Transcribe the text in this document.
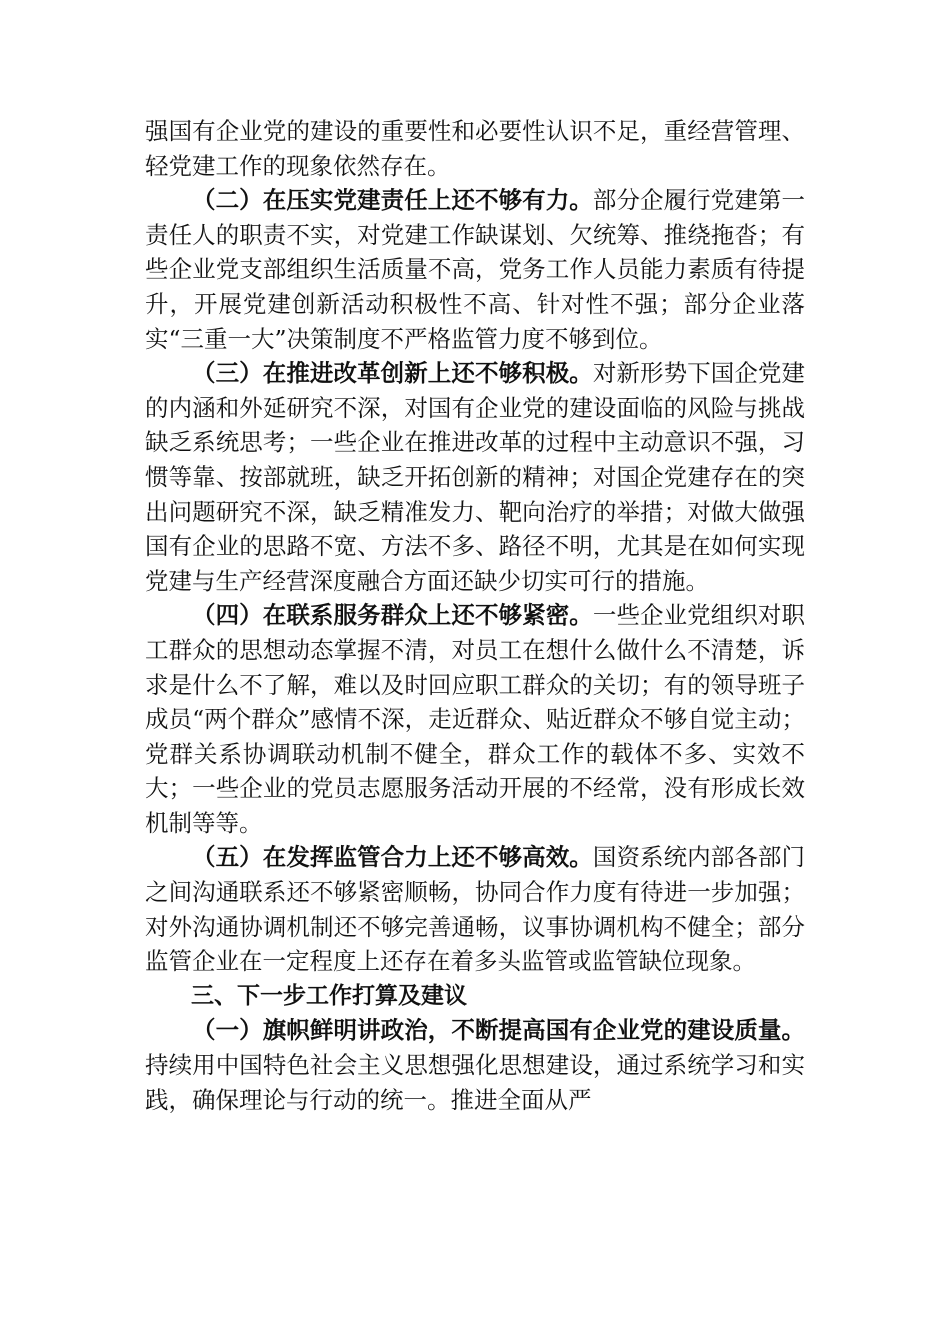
强国有企业党的建设的重要性和必要性认识不足，重经营管理、轻党建工作的现象依然存在。

（二）在压实党建责任上还不够有力。部分企履行党建第一责任人的职责不实，对党建工作缺谋划、欠统筹、推绕拖沓；有些企业党支部组织生活质量不高，党务工作人员能力素质有待提升，开展党建创新活动积极性不高、针对性不强；部分企业落实“三重一大”决策制度不严格监管力度不够到位。

（三）在推进改革创新上还不够积极。对新形势下国企党建的内涵和外延研究不深，对国有企业党的建设面临的风险与挑战缺乏系统思考；一些企业在推进改革的过程中主动意识不强，习惯等靠、按部就班，缺乏开拓创新的精神；对国企党建存在的突出问题研究不深，缺乏精准发力、靶向治疗的举措；对做大做强国有企业的思路不宽、方法不多、路径不明，尤其是在如何实现党建与生产经营深度融合方面还缺少切实可行的措施。

（四）在联系服务群众上还不够紧密。一些企业党组织对职工群众的思想动态掌握不清，对员工在想什么做什么不清楚，诉求是什么不了解，难以及时回应职工群众的关切；有的领导班子成员“两个群众”感情不深，走近群众、贴近群众不够自觉主动；党群关系协调联动机制不健全，群众工作的载体不多、实效不大；一些企业的党员志愿服务活动开展的不经常，没有形成长效机制等等。

（五）在发挥监管合力上还不够高效。国资系统内部各部门之间沟通联系还不够紧密顺畅，协同合作力度有待进一步加强；对外沟通协调机制还不够完善通畅，议事协调机构不健全；部分监管企业在一定程度上还存在着多头监管或监管缺位现象。

三、下一步工作打算及建议

（一）旗帜鲜明讲政治，不断提高国有企业党的建设质量。持续用中国特色社会主义思想强化思想建设，通过系统学习和实践，确保理论与行动的统一。推进全面从严
